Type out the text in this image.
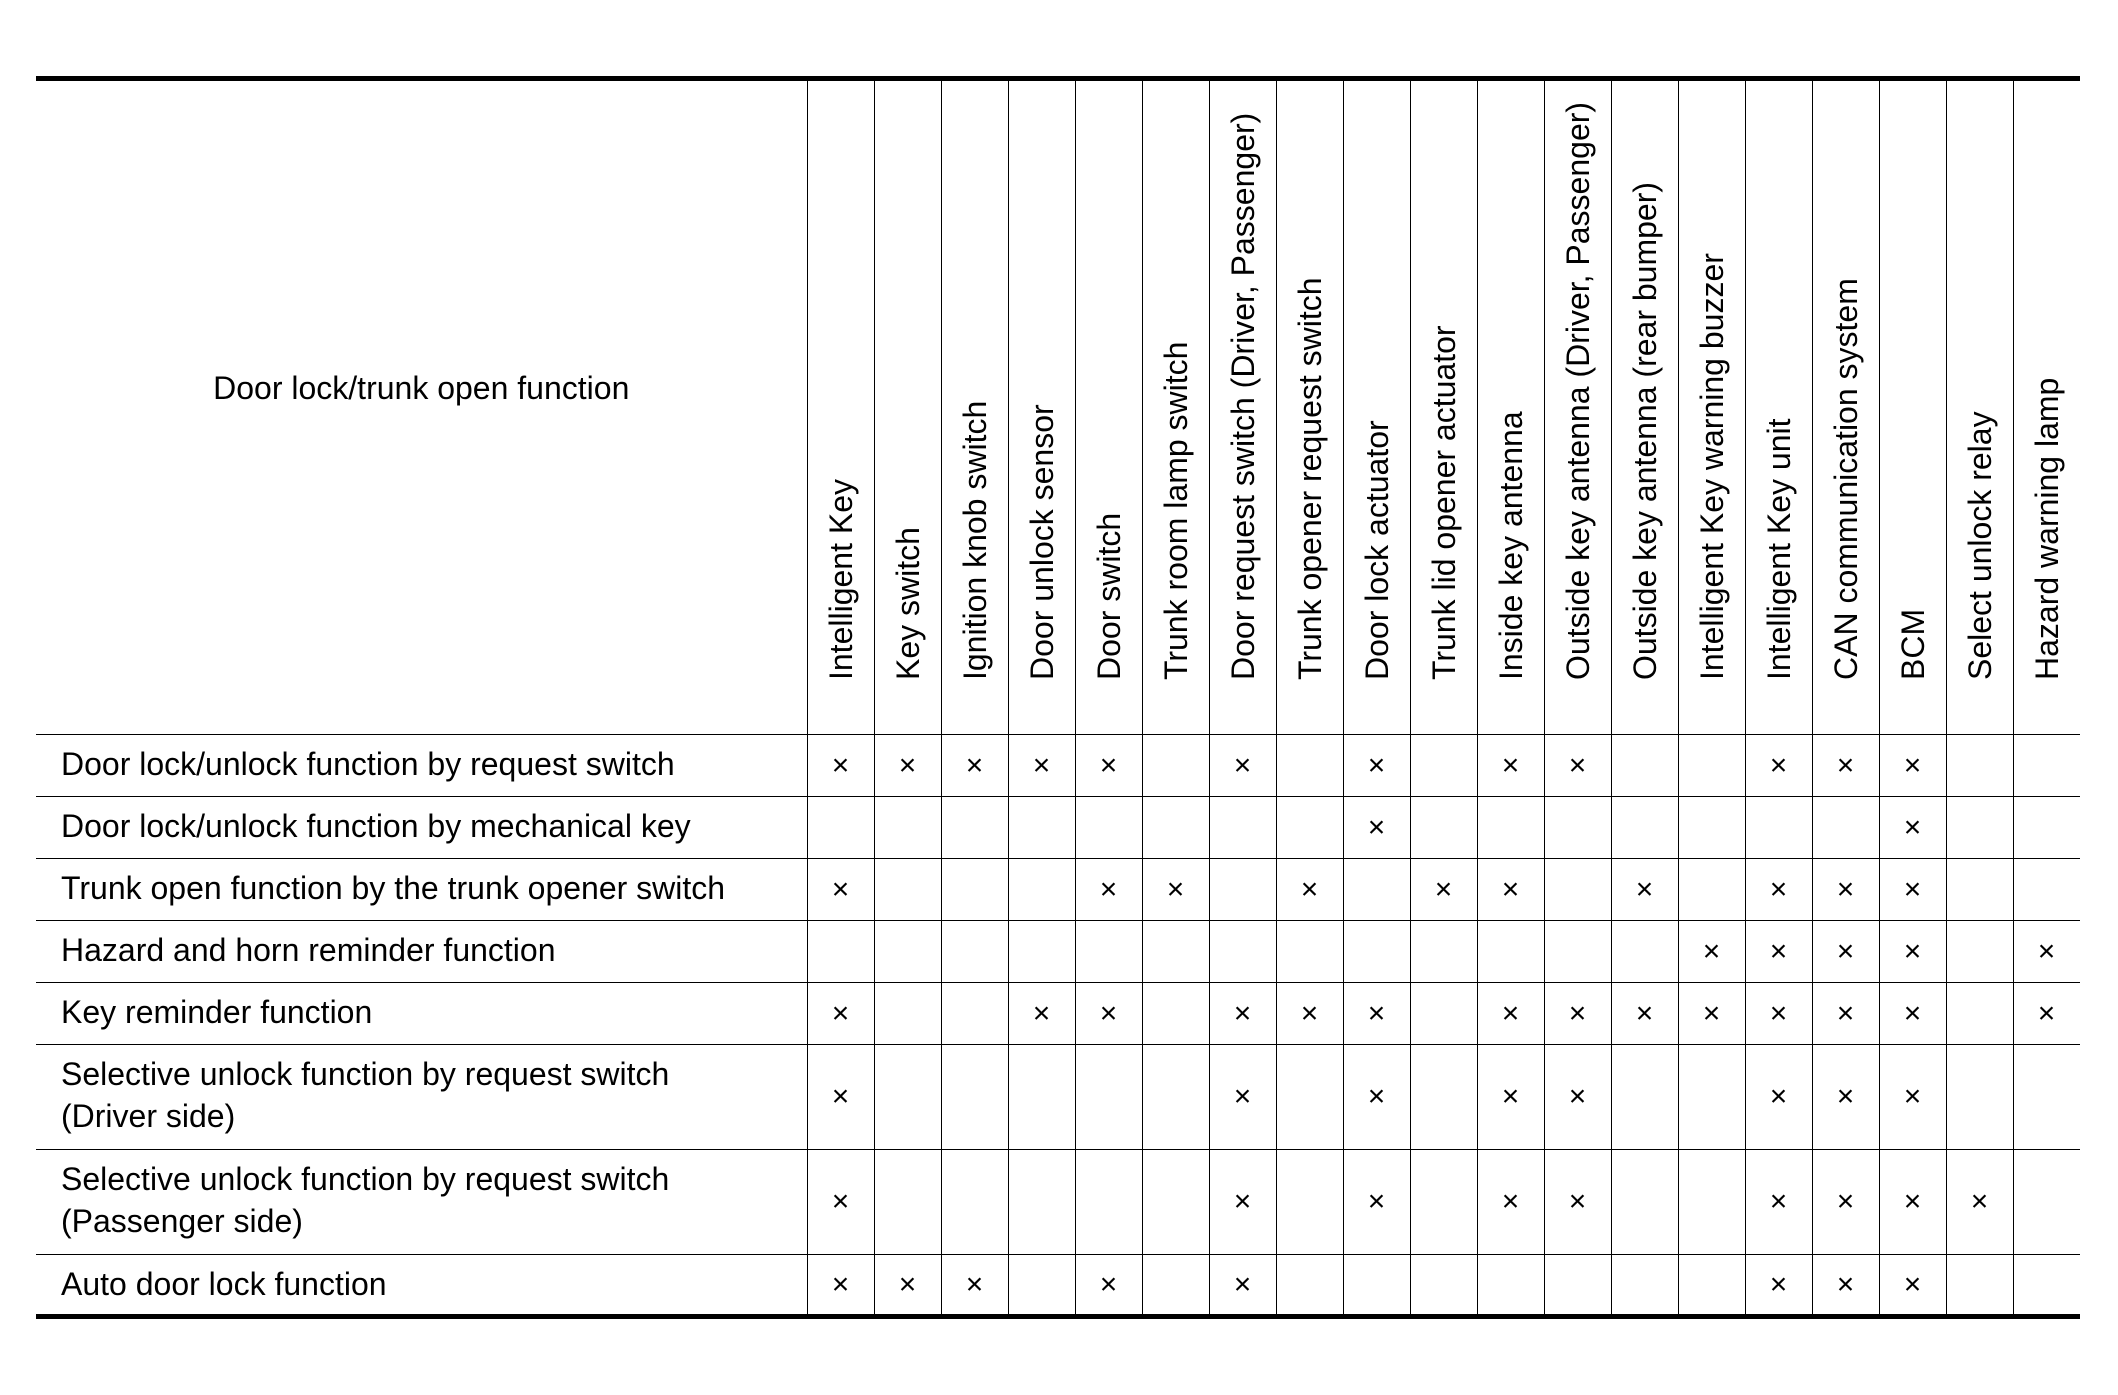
Door lock/trunk open function	Intelligent Key	Key switch	Ignition knob switch	Door unlock sensor	Door switch	Trunk room lamp switch	Door request switch (Driver, Passenger)	Trunk opener request switch	Door lock actuator	Trunk lid opener actuator	Inside key antenna	Outside key antenna (Driver, Passenger)	Outside key antenna (rear bumper)	Intelligent Key warning buzzer	Intelligent Key unit	CAN communication system	BCM	Select unlock relay	Hazard warning lamp

Door lock/unlock function by request switch	×	×	×	×	×		×		×		×	×			×	×	×		

Door lock/unlock function by mechanical key									×								×		

Trunk open function by the trunk opener switch	×				×	×		×		×	×		×		×	×	×		

Hazard and horn reminder function														×	×	×	×		×

Key reminder function	×			×	×		×	×	×		×	×	×	×	×	×	×		×

Selective unlock function by request switch
(Driver side)	×						×		×		×	×			×	×	×		

Selective unlock function by request switch
(Passenger side)	×						×		×		×	×			×	×	×	×	

Auto door lock function	×	×	×		×		×								×	×	×		
